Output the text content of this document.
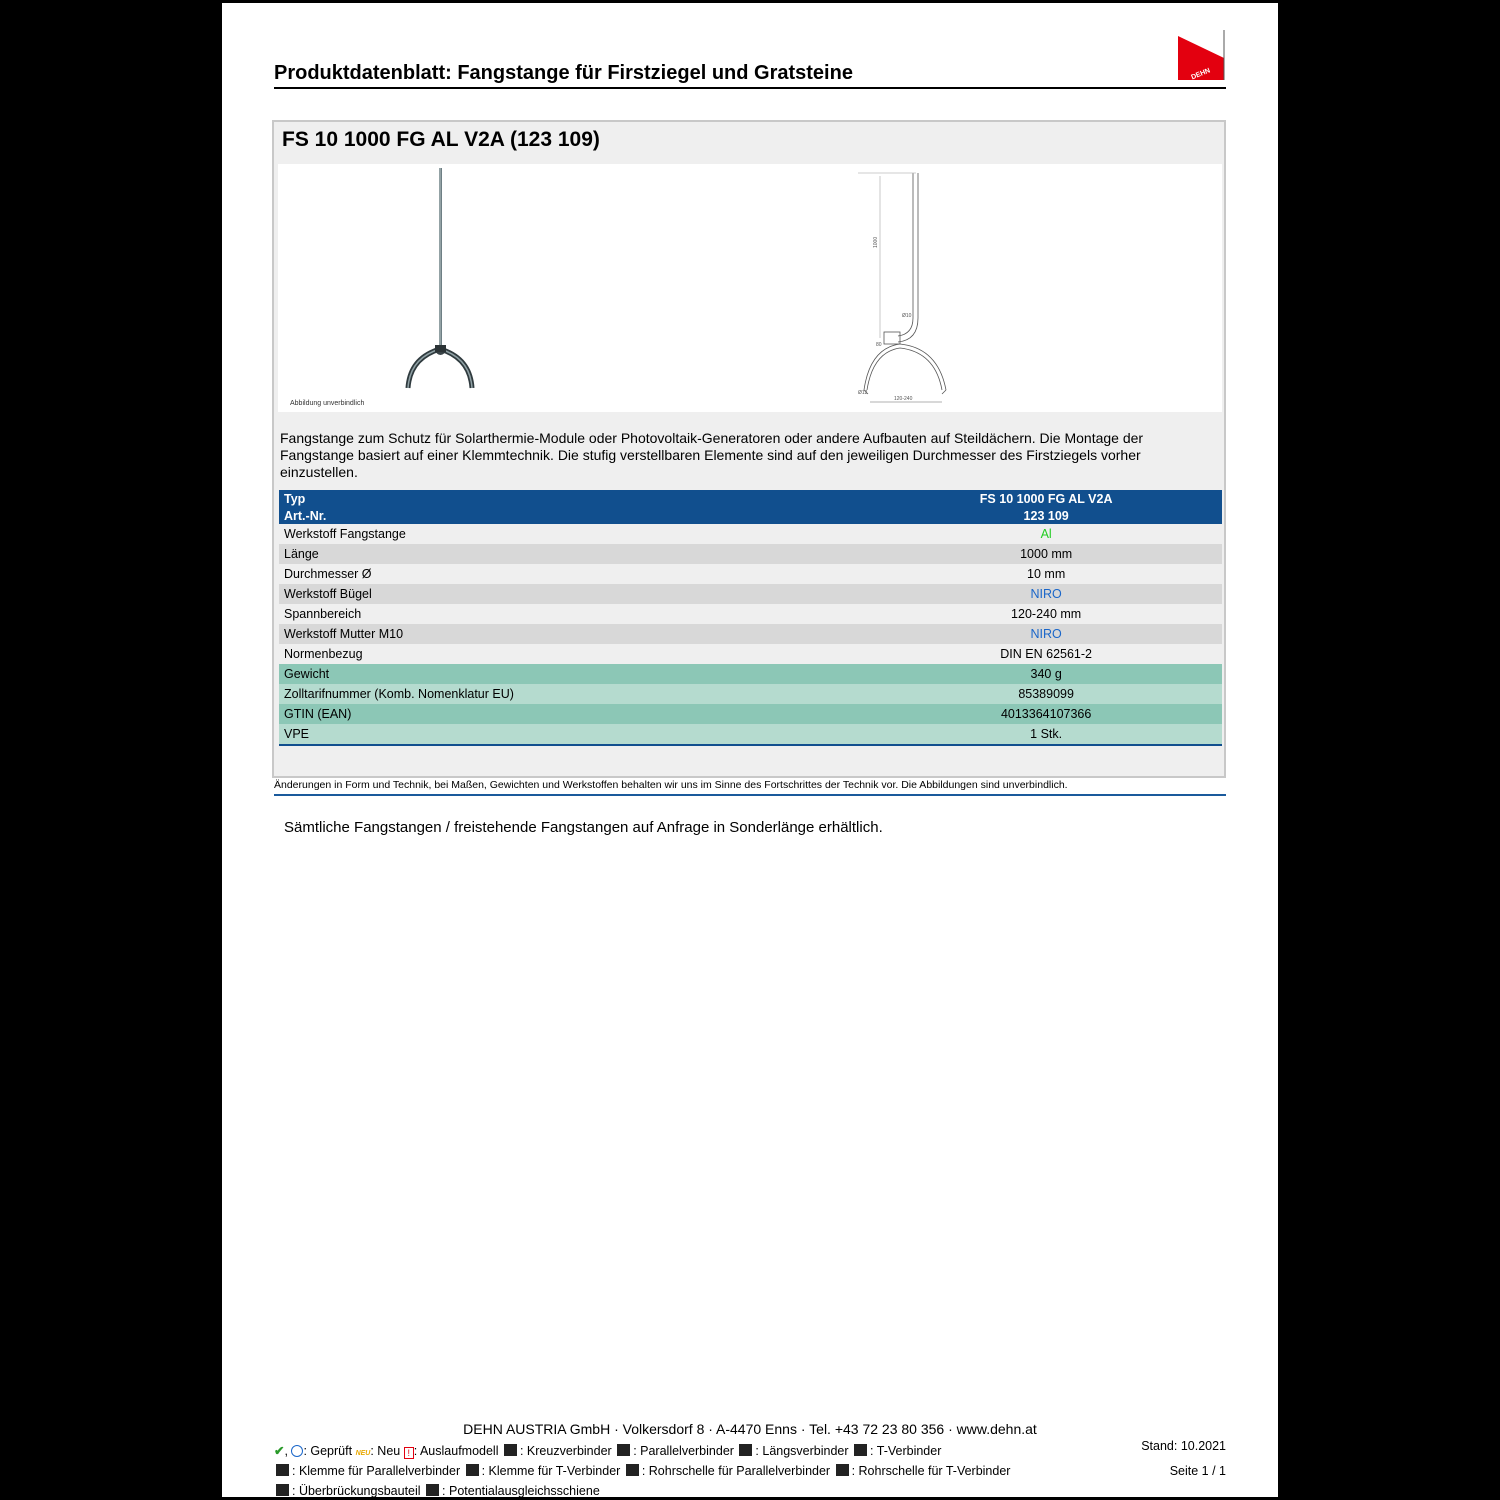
Produktdatenblatt: Fangstange für Firstziegel und Gratsteine	DEHN
FS 10 1000 FG AL V2A (123 109)
Abbildung unverbindlich
1000
Ø10
80
120-240
Ø12
Fangstange zum Schutz für Solarthermie-Module oder Photovoltaik-Generatoren oder andere Aufbauten auf Steildächern. Die Montage der Fangstange basiert auf einer Klemmtechnik. Die stufig verstellbaren Elemente sind auf den jeweiligen Durchmesser des Firstziegels vorher einzustellen.
Typ	FS 10 1000 FG AL V2A
Art.-Nr.	123 109
Werkstoff Fangstange	Al
Länge	1000 mm
Durchmesser Ø	10 mm
Werkstoff Bügel	NIRO
Spannbereich	120-240 mm
Werkstoff Mutter M10	NIRO
Normenbezug	DIN EN 62561-2
Gewicht	340 g
Zolltarifnummer (Komb. Nomenklatur EU)	85389099
GTIN (EAN)	4013364107366
VPE	1 Stk.
Änderungen in Form und Technik, bei Maßen, Gewichten und Werkstoffen behalten wir uns im Sinne des Fortschrittes der Technik vor. Die Abbildungen sind unverbindlich.
Sämtliche Fangstangen / freistehende Fangstangen auf Anfrage in Sonderlänge erhältlich.
DEHN AUSTRIA GmbH · Volkersdorf 8 · A-4470 Enns · Tel. +43 72 23 80 356 · www.dehn.at
✔, : Geprüft NEU: Neu ! : Auslaufmodell : Kreuzverbinder : Parallelverbinder : Längsverbinder : T-Verbinder
: Klemme für Parallelverbinder : Klemme für T-Verbinder : Rohrschelle für Parallelverbinder : Rohrschelle für T-Verbinder
: Überbrückungsbauteil : Potentialausgleichsschiene
Stand: 10.2021
Seite 1 / 1
